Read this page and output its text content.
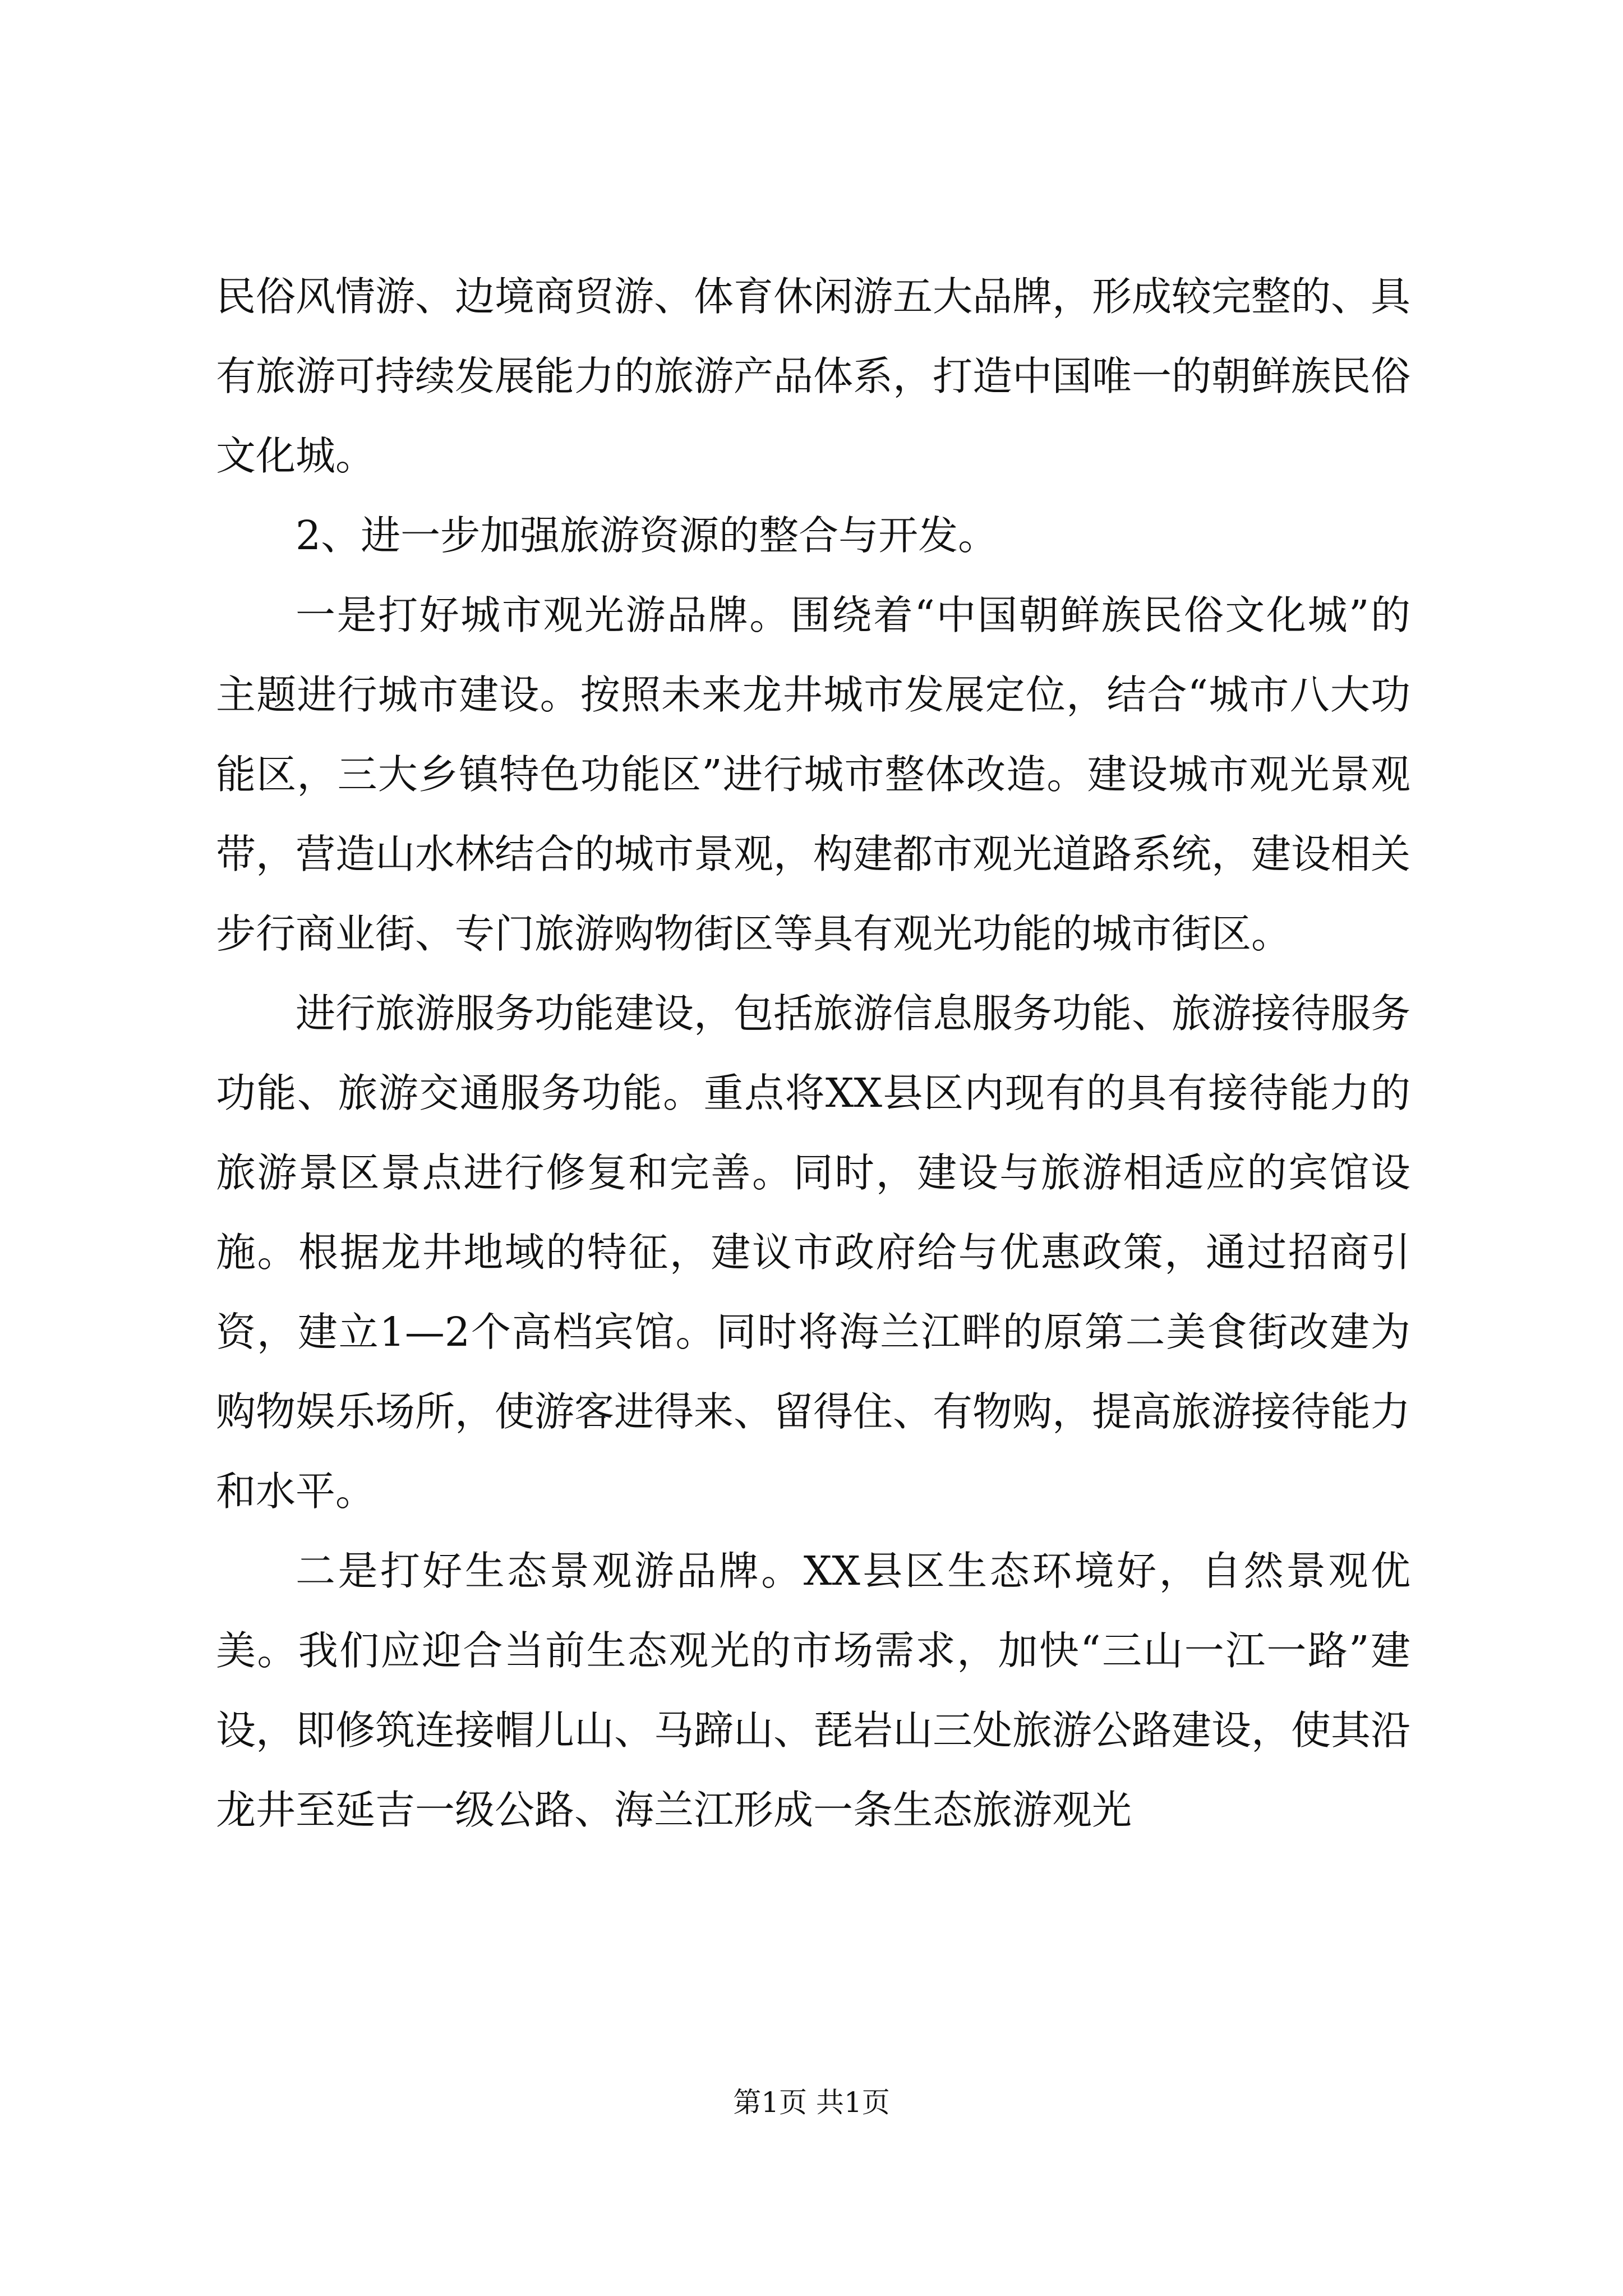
民俗风情游、边境商贸游、体育休闲游五大品牌，形成较完整的、具有旅游可持续发展能力的旅游产品体系，打造中国唯一的朝鲜族民俗文化城。

2、进一步加强旅游资源的整合与开发。

一是打好城市观光游品牌。围绕着“中国朝鲜族民俗文化城”的主题进行城市建设。按照未来龙井城市发展定位，结合“城市八大功能区，三大乡镇特色功能区”进行城市整体改造。建设城市观光景观带，营造山水林结合的城市景观，构建都市观光道路系统，建设相关步行商业街、专门旅游购物街区等具有观光功能的城市街区。

进行旅游服务功能建设，包括旅游信息服务功能、旅游接待服务功能、旅游交通服务功能。重点将XX县区内现有的具有接待能力的旅游景区景点进行修复和完善。同时，建设与旅游相适应的宾馆设施。根据龙井地域的特征，建议市政府给与优惠政策，通过招商引资，建立1—2个高档宾馆。同时将海兰江畔的原第二美食街改建为购物娱乐场所，使游客进得来、留得住、有物购，提高旅游接待能力和水平。

二是打好生态景观游品牌。XX县区生态环境好，自然景观优美。我们应迎合当前生态观光的市场需求，加快“三山一江一路”建设，即修筑连接帽儿山、马蹄山、琵岩山三处旅游公路建设，使其沿龙井至延吉一级公路、海兰江形成一条生态旅游观光

第1页 共1页
